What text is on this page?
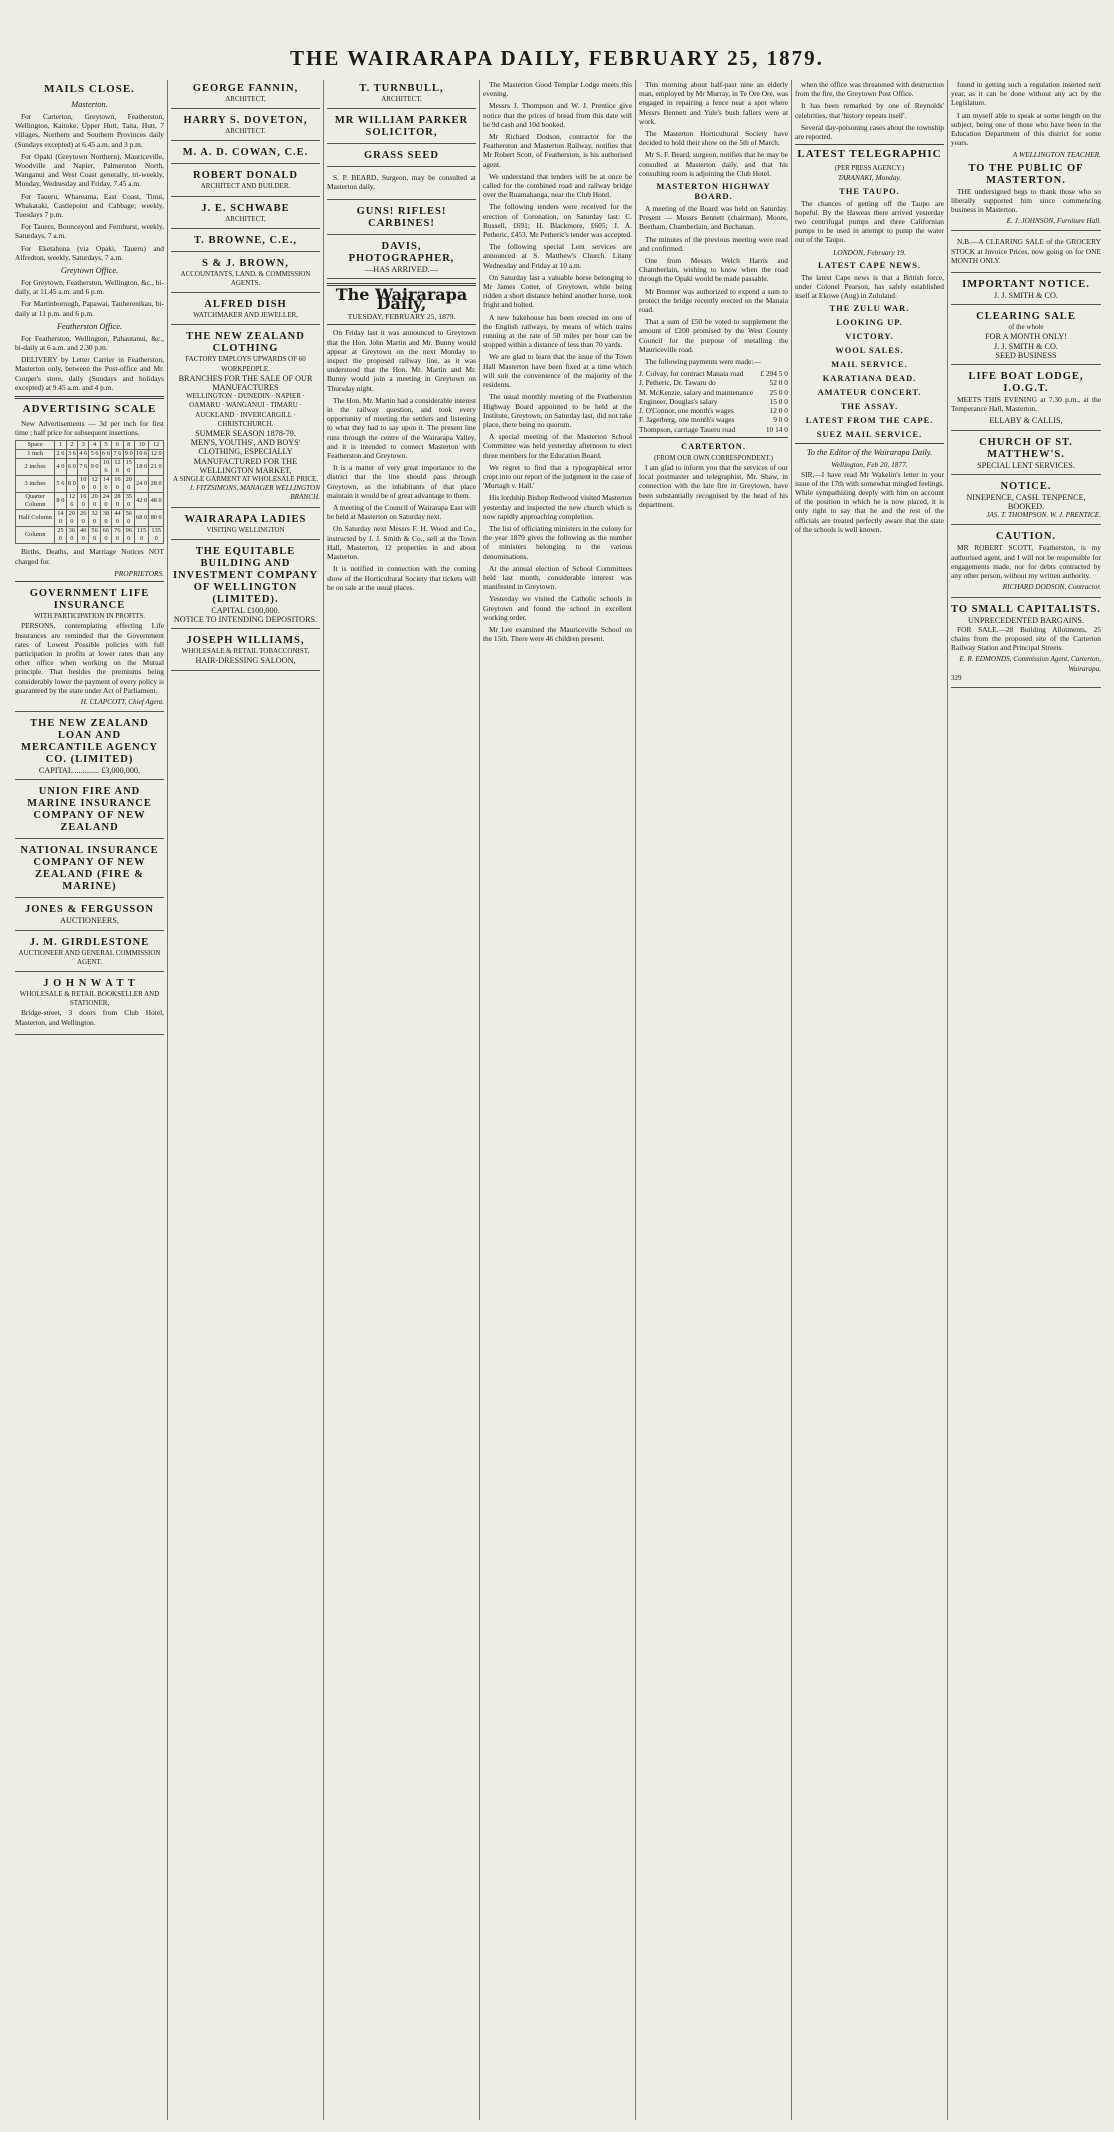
THE WAIRARAPA DAILY, FEBRUARY 25, 1879.
MAILS CLOSE.
Masterton.

For Carterton, Greytown, Featherston, Wellington, Kaitoke, Upper Hutt, Taita, Hutt, 7 villages, Northern and Southern Provinces daily (Sundays excepted) at 6.45 a.m. and 3 p.m.

For Opaki (Greytown Northern), Mauriceville, Woodville and Napier, Palmerston North, Wanganui and West Coast generally, tri-weekly, Monday, Wednesday and Friday, 7.45 a.m.

For Taueru, Whareama, East Coast, Tinui, Whakataki, Castlepoint and Cabbage; weekly, Tuesdays 7 p.m.

For Taueru, Bounceyoul and Fernhurst, weekly, Saturdays, 7 a.m.

For Eketahuna (via Opaki, Taueru) and Alfredton, weekly, Saturdays, 7 a.m.

Greytown Office.

For Greytown, Featherston, Wellington, &c., bi-daily, at 11.45 a.m. and 6 p.m.

For Martinborough, Papawai, Tauherenikau, bi-daily at 11 p.m. and 6 p.m.

Featherston Office.

For Featherston, Wellington, Pahautanui, &c., bi-daily at 6 a.m. and 2.30 p.m.

DELIVERY by Letter Carrier in Featherston, Masterton only, between the Post-office and Mr. Couper's store, daily (Sundays and holidays excepted) at 9.45 a.m. and 4 p.m.

ADVERTISING SCALE

New Advertisements — 3d per inch for first time ; half price for subsequent insertions.

Space	1	2	3	4	5	6	8	10	12
1 inch	2 6	3 6	4 6	5 6	6 6	7 6	9 0	10 6	12 0
2 inches	4 0	6 0	7 6	9 0	10 6	12 0	15 0	18 0	21 0
3 inches	5 6	8 0	10 0	12 0	14 0	16 0	20 0	24 0	28 0
Quarter Column	8 0	12 6	16 0	20 0	24 0	28 0	35 0	42 0	48 0
Half Column	14 0	20 0	26 0	32 0	38 0	44 0	56 0	68 0	80 0
Column	25 0	36 0	46 0	56 0	66 0	76 0	96 0	115 0	135 0

Births, Deaths, and Marriage Notices NOT charged for.

PROPRIETORS.
GOVERNMENT LIFE INSURANCE
WITH PARTICIPATION IN PROFITS.

PERSONS, contemplating effecting Life Insurances are reminded that the Government rates of Lowest Possible policies with full participation in profits at lower rates than any other office when working on the Mutual principle. That besides the premiums being considerably lower the payment of every policy is guaranteed by the state under Act of Parliament.

H. CLAPCOTT, Chief Agent.
THE NEW ZEALAND LOAN AND MERCANTILE AGENCY CO. (LIMITED)
CAPITAL ............ £3,000,000.
UNION FIRE AND MARINE INSURANCE COMPANY OF NEW ZEALAND
NATIONAL INSURANCE COMPANY OF NEW ZEALAND (FIRE & MARINE)
JONES & FERGUSSON
AUCTIONEERS,
J. M. GIRDLESTONE
AUCTIONEER AND GENERAL COMMISSION AGENT.
J O H N W A T T
WHOLESALE & RETAIL BOOKSELLER AND STATIONER,

Bridge-street, 3 doors from Club Hotel, Masterton, and Wellington.

GEORGE FANNIN,
ARCHITECT,
HARRY S. DOVETON,
ARCHITECT.
M. A. D. COWAN, C.E.
ROBERT DONALD
ARCHITECT AND BUILDER.
J. E. SCHWABE
ARCHITECT,
T. BROWNE, C.E.,
S & J. BROWN,
ACCOUNTANTS, LAND, & COMMISSION AGENTS.
ALFRED DISH
WATCHMAKER AND JEWELLER,
THE NEW ZEALAND CLOTHING
FACTORY EMPLOYS UPWARDS OF 60 WORKPEOPLE.
BRANCHES FOR THE SALE OF OUR MANUFACTURES
WELLINGTON · DUNEDIN · NAPIER · OAMARU · WANGANUI · TIMARU · AUCKLAND · INVERCARGILL · CHRISTCHURCH.
SUMMER SEASON 1878-79.
MEN'S, YOUTHS', AND BOYS' CLOTHING, ESPECIALLY MANUFACTURED FOR THE WELLINGTON MARKET,
A SINGLE GARMENT AT WHOLESALE PRICE.
J. FITZSIMONS, MANAGER WELLINGTON BRANCH.
WAIRARAPA LADIES
VISITING WELLINGTON
THE EQUITABLE BUILDING AND INVESTMENT COMPANY OF WELLINGTON (LIMITED).
CAPITAL £100,000.
NOTICE TO INTENDING DEPOSITORS.
JOSEPH WILLIAMS,
WHOLESALE & RETAIL TOBACCONIST,
HAIR-DRESSING SALOON,
T. TURNBULL,
ARCHITECT.
MR WILLIAM PARKER SOLICITOR,
GRASS SEED

S. P. BEARD, Surgeon, may be consulted at Masterton daily,

GUNS! RIFLES! CARBINES!
DAVIS, PHOTOGRAPHER,
—HAS ARRIVED.—
The Wairarapa Daily,
TUESDAY, FEBRUARY 25, 1879.

On Friday last it was announced to Greytown that the Hon. John Martin and Mr. Bunny would appear at Greytown on the next Monday to inspect the proposed railway line, as it was understood that the Hon. Mr. Martin and Mr. Bunny would join a meeting in Greytown on Thursday night.

The Hon. Mr. Martin had a considerable interest in the railway question, and took every opportunity of meeting the settlers and listening to what they had to say upon it. The present line runs through the centre of the Wairarapa Valley, and it is intended to connect Masterton with Featherston and Greytown.

It is a matter of very great importance to the district that the line should pass through Greytown, as the inhabitants of that place maintain it would be of great advantage to them.

A meeting of the Council of Wairarapa East will be held at Masterton on Saturday next.

On Saturday next Messrs F. H. Wood and Co., instructed by J. J. Smith & Co., sell at the Town Hall, Masterton, 12 properties in and about Masterton.

It is notified in connection with the coming show of the Horticultural Society that tickets will be on sale at the usual places.

The Masterton Good Templar Lodge meets this evening.

Messrs J. Thompson and W. J. Prentice give notice that the prices of bread from this date will be 9d cash and 10d booked.

Mr Richard Dodson, contractor for the Featherston and Masterton Railway, notifies that Mr Robert Scott, of Featherston, is his authorised agent.

We understand that tenders will be at once be called for the combined road and railway bridge over the Ruamahanga, near the Club Hotel.

The following tenders were received for the erection of Coronation, on Saturday last: C. Russell, £691; H. Blackmore, £605; J. A. Petheric, £453. Mr Petheric's tender was accepted.

The following special Lent services are announced at S. Matthew's Church. Litany Wednesday and Friday at 10 a.m.

On Saturday last a valuable horse belonging to Mr James Cotter, of Greytown, while being ridden a short distance behind another horse, took fright and bolted.

A new bakehouse has been erected on one of the English railways, by means of which trains running at the rate of 50 miles per hour can be stopped within a distance of less than 70 yards.

We are glad to learn that the issue of the Town Hall Masterton have been fixed at a time which will suit the convenience of the majority of the residents.

The usual monthly meeting of the Featherston Highway Board appointed to be held at the Institute, Greytown, on Saturday last, did not take place, there being no quorum.

A special meeting of the Masterton School Committee was held yesterday afternoon to elect three members for the Education Board.

We regret to find that a typographical error crept into our report of the judgment in the case of 'Murtagh v. Hall.'

His lordship Bishop Redwood visited Masterton yesterday and inspected the new church which is now rapidly approaching completion.

The list of officiating ministers in the colony for the year 1879 gives the following as the number of ministers belonging to the various denominations.

At the annual election of School Committees held last month, considerable interest was manifested in Greytown.

Yesterday we visited the Catholic schools in Greytown and found the school in excellent working order.

Mr Lee examined the Mauriceville School on the 15th. There were 46 children present.

This morning about half-past nine an elderly man, employed by Mr Murray, in Te Ore Ore, was engaged in repairing a fence near a spot where Messrs Bennett and Yule's bush fallers were at work.

The Masterton Horticultural Society have decided to hold their show on the 5th of March.

Mr S. F. Beard, surgeon, notifies that he may be consulted at Masterton daily, and that his consulting room is adjoining the Club Hotel.

MASTERTON HIGHWAY BOARD.

A meeting of the Board was held on Saturday. Present — Messrs Bennett (chairman), Moore, Beetham, Chamberlain, and Buchanan.

The minutes of the previous meeting were read and confirmed.

One from Messrs Welch Harris and Chamberlain, wishing to know when the road through the Opaki would be made passable.

Mr Brenner was authorized to expend a sum to protect the bridge recently erected on the Manaia road.

That a sum of £50 be voted to supplement the amount of £200 promised by the West County Council for the purpose of metalling the Mauriceville road.

The following payments were made:—

J. Colvay, for contract Manaia road £ 294 5 0
J. Petheric, Dr. Tawaru do	52 0 0
M. McKenzie, salary and maintenance 25 0 0
Engineer, Douglas's salary	15 0 0
J. O'Connor, one month's wages	12 0 0
F. Jagerberg, one month's wages	9 0 0
Thompson, carriage Taueru road	10 14 0
CARTERTON.
(FROM OUR OWN CORRESPONDENT.)

I am glad to inform you that the services of our local postmaster and telegraphist, Mr. Shaw, in connection with the late fire in Greytown, have been substantially recognised by the head of his department.

when the office was threatened with destruction from the fire, the Greytown Post Office.

It has been remarked by one of Reynolds' celebrities, that 'history repeats itself'.

Several day-poisoning cases about the township are reported.

LATEST TELEGRAPHIC
(PER PRESS AGENCY.)
TARANAKI, Monday.
THE TAUPO.

The chances of getting off the Taupo are hopeful. By the Haweas there arrived yesterday two centrifugal pumps and three Californian pumps to be used in attempt to pump the water out of the Taupo.

LONDON, February 19.
LATEST CAPE NEWS.

The latest Cape news is that a British force, under Colonel Pearson, has safely established itself at Ekowe (Aug) in Zululand.

THE ZULU WAR.
LOOKING UP.
VICTORY.
WOOL SALES.
MAIL SERVICE.
KARATIANA DEAD.
AMATEUR CONCERT.
THE ASSAY.
LATEST FROM THE CAPE.
SUEZ MAIL SERVICE.
To the Editor of the Wairarapa Daily.
Wellington, Feb 20, 1877.

SIR,—I have read Mr Wakelin's letter in your issue of the 17th with somewhat mingled feelings. While sympathizing deeply with him on account of the position in which he is now placed, it is only right to say that he and the rest of the officials are treated perfectly aware that the state of the schools is well known.

found in getting such a regulation inserted next year, as it can be done without any act by the Legislature.

I am myself able to speak at some length on the subject, being one of those who have been in the Education Department of this district for some years.

A WELLINGTON TEACHER.
TO THE PUBLIC OF MASTERTON.

THE undersigned begs to thank those who so liberally supported him since commencing business in Masterton.

E. J. JOHNSON, Furniture Hall.

N.B.—A CLEARING SALE of the GROCERY STOCK at Invoice Prices, now going on for ONE MONTH ONLY.

IMPORTANT NOTICE.
J. J. SMITH & CO.
CLEARING SALE
of the whole
FOR A MONTH ONLY!
J. J. SMITH & CO.
SEED BUSINESS
LIFE BOAT LODGE, I.O.G.T.

MEETS THIS EVENING at 7.30 p.m., at the Temperance Hall, Masterton.

ELLABY & CALLIS,
CHURCH OF ST. MATTHEW'S.
SPECIAL LENT SERVICES.
NOTICE.
NINEPENCE, CASH. TENPENCE, BOOKED.
JAS. T. THOMPSON. W. J. PRENTICE.
CAUTION.

MR ROBERT SCOTT, Featherston, is my authorised agent, and I will not be responsible for engagements made, nor for debts contracted by any other person, without my written authority.

RICHARD DODSON, Contractor.
TO SMALL CAPITALISTS.
UNPRECEDENTED BARGAINS.

FOR SALE.—28 Building Allotments, 25 chains from the proposed site of the Carterton Railway Station and Principal Streets.

E. R. EDMONDS, Commission Agent, Carterton, Wairarapa.
329
